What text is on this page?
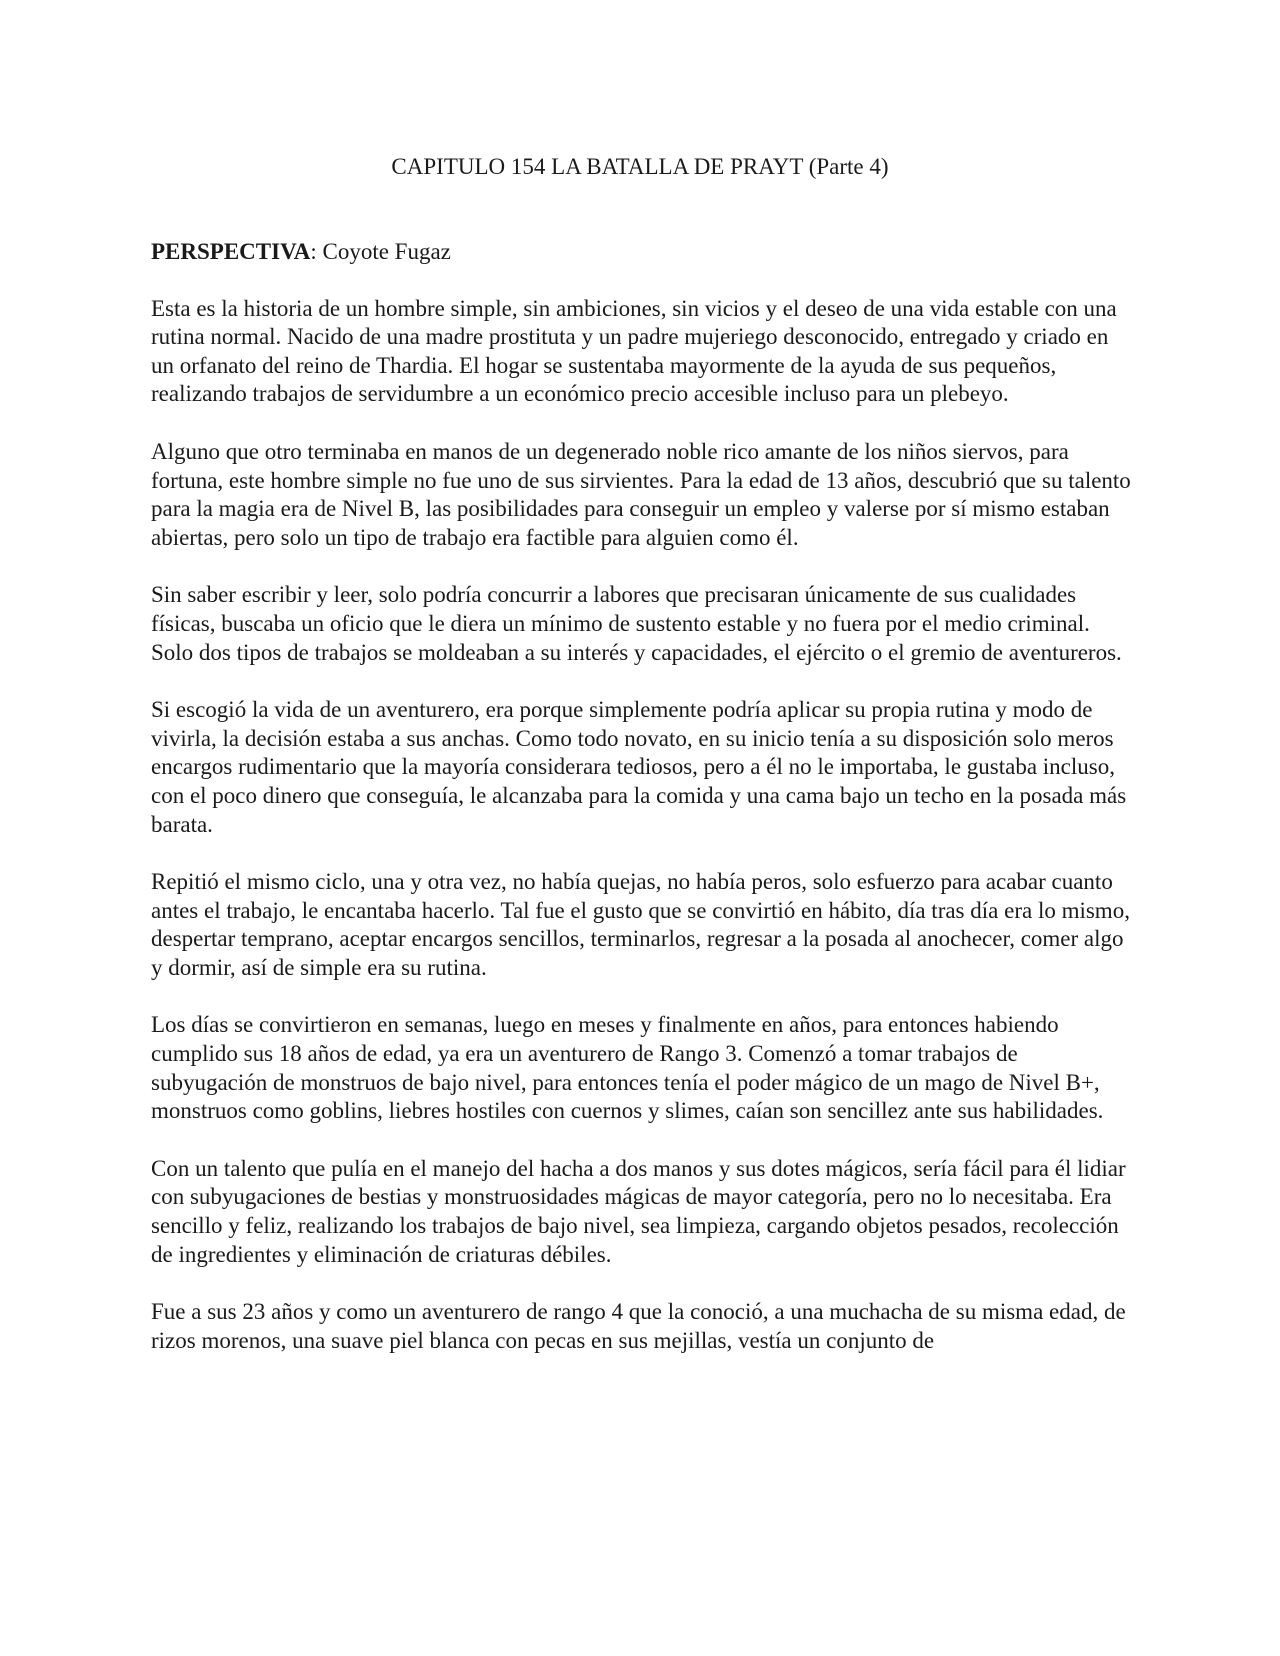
CAPITULO 154 LA BATALLA DE PRAYT (Parte 4)

PERSPECTIVA: Coyote Fugaz

Esta es la historia de un hombre simple, sin ambiciones, sin vicios y el deseo de una vida estable con una rutina normal. Nacido de una madre prostituta y un padre mujeriego desconocido, entregado y criado en un orfanato del reino de Thardia. El hogar se sustentaba mayormente de la ayuda de sus pequeños, realizando trabajos de servidumbre a un económico precio accesible incluso para un plebeyo.

Alguno que otro terminaba en manos de un degenerado noble rico amante de los niños siervos, para fortuna, este hombre simple no fue uno de sus sirvientes. Para la edad de 13 años, descubrió que su talento para la magia era de Nivel B, las posibilidades para conseguir un empleo y valerse por sí mismo estaban abiertas, pero solo un tipo de trabajo era factible para alguien como él.

Sin saber escribir y leer, solo podría concurrir a labores que precisaran únicamente de sus cualidades físicas, buscaba un oficio que le diera un mínimo de sustento estable y no fuera por el medio criminal. Solo dos tipos de trabajos se moldeaban a su interés y capacidades, el ejército o el gremio de aventureros.

Si escogió la vida de un aventurero, era porque simplemente podría aplicar su propia rutina y modo de vivirla, la decisión estaba a sus anchas. Como todo novato, en su inicio tenía a su disposición solo meros encargos rudimentario que la mayoría considerara tediosos, pero a él no le importaba, le gustaba incluso, con el poco dinero que conseguía, le alcanzaba para la comida y una cama bajo un techo en la posada más barata.

Repitió el mismo ciclo, una y otra vez, no había quejas, no había peros, solo esfuerzo para acabar cuanto antes el trabajo, le encantaba hacerlo. Tal fue el gusto que se convirtió en hábito, día tras día era lo mismo, despertar temprano, aceptar encargos sencillos, terminarlos, regresar a la posada al anochecer, comer algo y dormir, así de simple era su rutina.

Los días se convirtieron en semanas, luego en meses y finalmente en años, para entonces habiendo cumplido sus 18 años de edad, ya era un aventurero de Rango 3. Comenzó a tomar trabajos de subyugación de monstruos de bajo nivel, para entonces tenía el poder mágico de un mago de Nivel B+, monstruos como goblins, liebres hostiles con cuernos y slimes, caían son sencillez ante sus habilidades.

Con un talento que pulía en el manejo del hacha a dos manos y sus dotes mágicos, sería fácil para él lidiar con subyugaciones de bestias y monstruosidades mágicas de mayor categoría, pero no lo necesitaba. Era sencillo y feliz, realizando los trabajos de bajo nivel, sea limpieza, cargando objetos pesados, recolección de ingredientes y eliminación de criaturas débiles.

Fue a sus 23 años y como un aventurero de rango 4 que la conoció, a una muchacha de su misma edad, de rizos morenos, una suave piel blanca con pecas en sus mejillas, vestía un conjunto de
